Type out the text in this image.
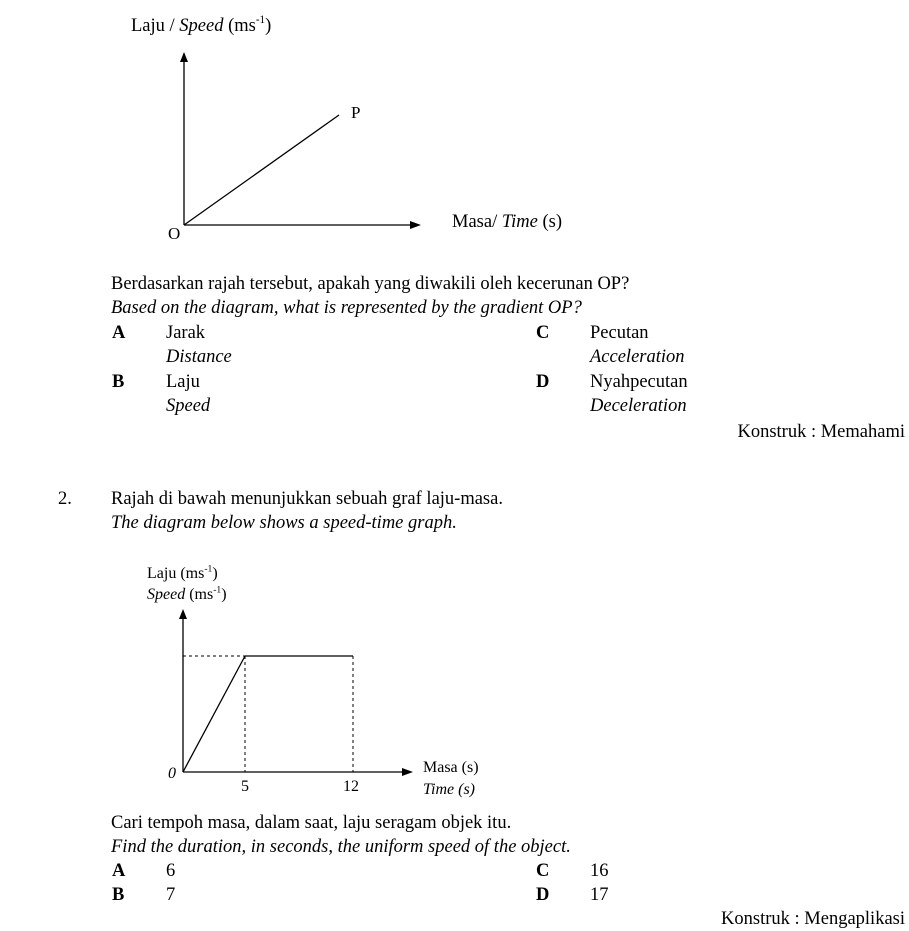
Laju / Speed $(ms^{-1})$
P
O
Masa/ Time (s)
Berdasarkan rajah tersebut, apakah yang diwakili oleh kecerunan OP?
Based on the diagram, what is represented by the gradient OP?
A Jarak
Distance
B Laju
Speed
C Pecutan
Acceleration
D Nyahpecutan
Deceleration
Konstruk : Memahami
2. Rajah di bawah menunjukkan sebuah graf laju-masa.
The diagram below shows a speed-time graph.
Laju $(ms^{-1})$
Speed $(ms^{-1})$
0
5	12
Masa (s)
Time (s)
Cari tempoh masa, dalam saat, laju seragam objek itu.
Find the duration, in seconds, the uniform speed of the object.
A 6
B 7
C 16
D 17
Konstruk : Mengaplikasi
